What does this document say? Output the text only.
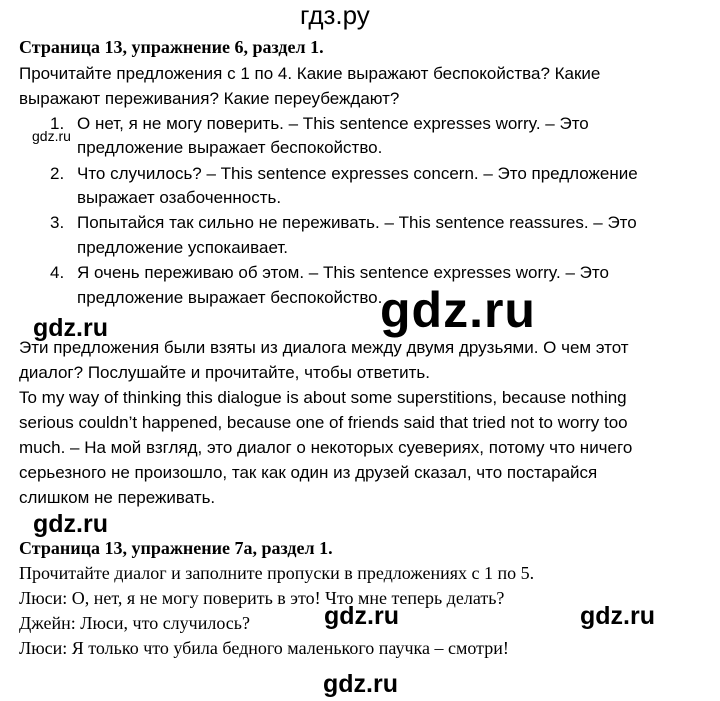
гдз.ру
Страница 13, упражнение 6, раздел 1.
Прочитайте предложения с 1 по 4. Какие выражают беспокойства? Какие
выражают переживания? Какие переубеждают?
gdz.ru
1. О нет, я не могу поверить. – This sentence expresses worry. – Это
предложение выражает беспокойство.
2. Что случилось? – This sentence expresses concern. – Это предложение
выражает озабоченность.
3. Попытайся так сильно не переживать. – This sentence reassures. – Это
предложение успокаивает.
4. Я очень переживаю об этом. – This sentence expresses worry. – Это
предложение выражает беспокойство.
gdz.ru
gdz.ru
Эти предложения были взяты из диалога между двумя друзьями. О чем этот
диалог? Послушайте и прочитайте, чтобы ответить.
To my way of thinking this dialogue is about some superstitions, because nothing
serious couldn’t happened, because one of friends said that tried not to worry too
much. – На мой взгляд, это диалог о некоторых суевериях, потому что ничего
серьезного не произошло, так как один из друзей сказал, что постарайся
слишком не переживать.
gdz.ru
Страница 13, упражнение 7а, раздел 1.
Прочитайте диалог и заполните пропуски в предложениях с 1 по 5.
Люси: О, нет, я не могу поверить в это! Что мне теперь делать?
Джейн: Люси, что случилось?
Люси: Я только что убила бедного маленького паучка – смотри!
gdz.ru	gdz.ru
gdz.ru
